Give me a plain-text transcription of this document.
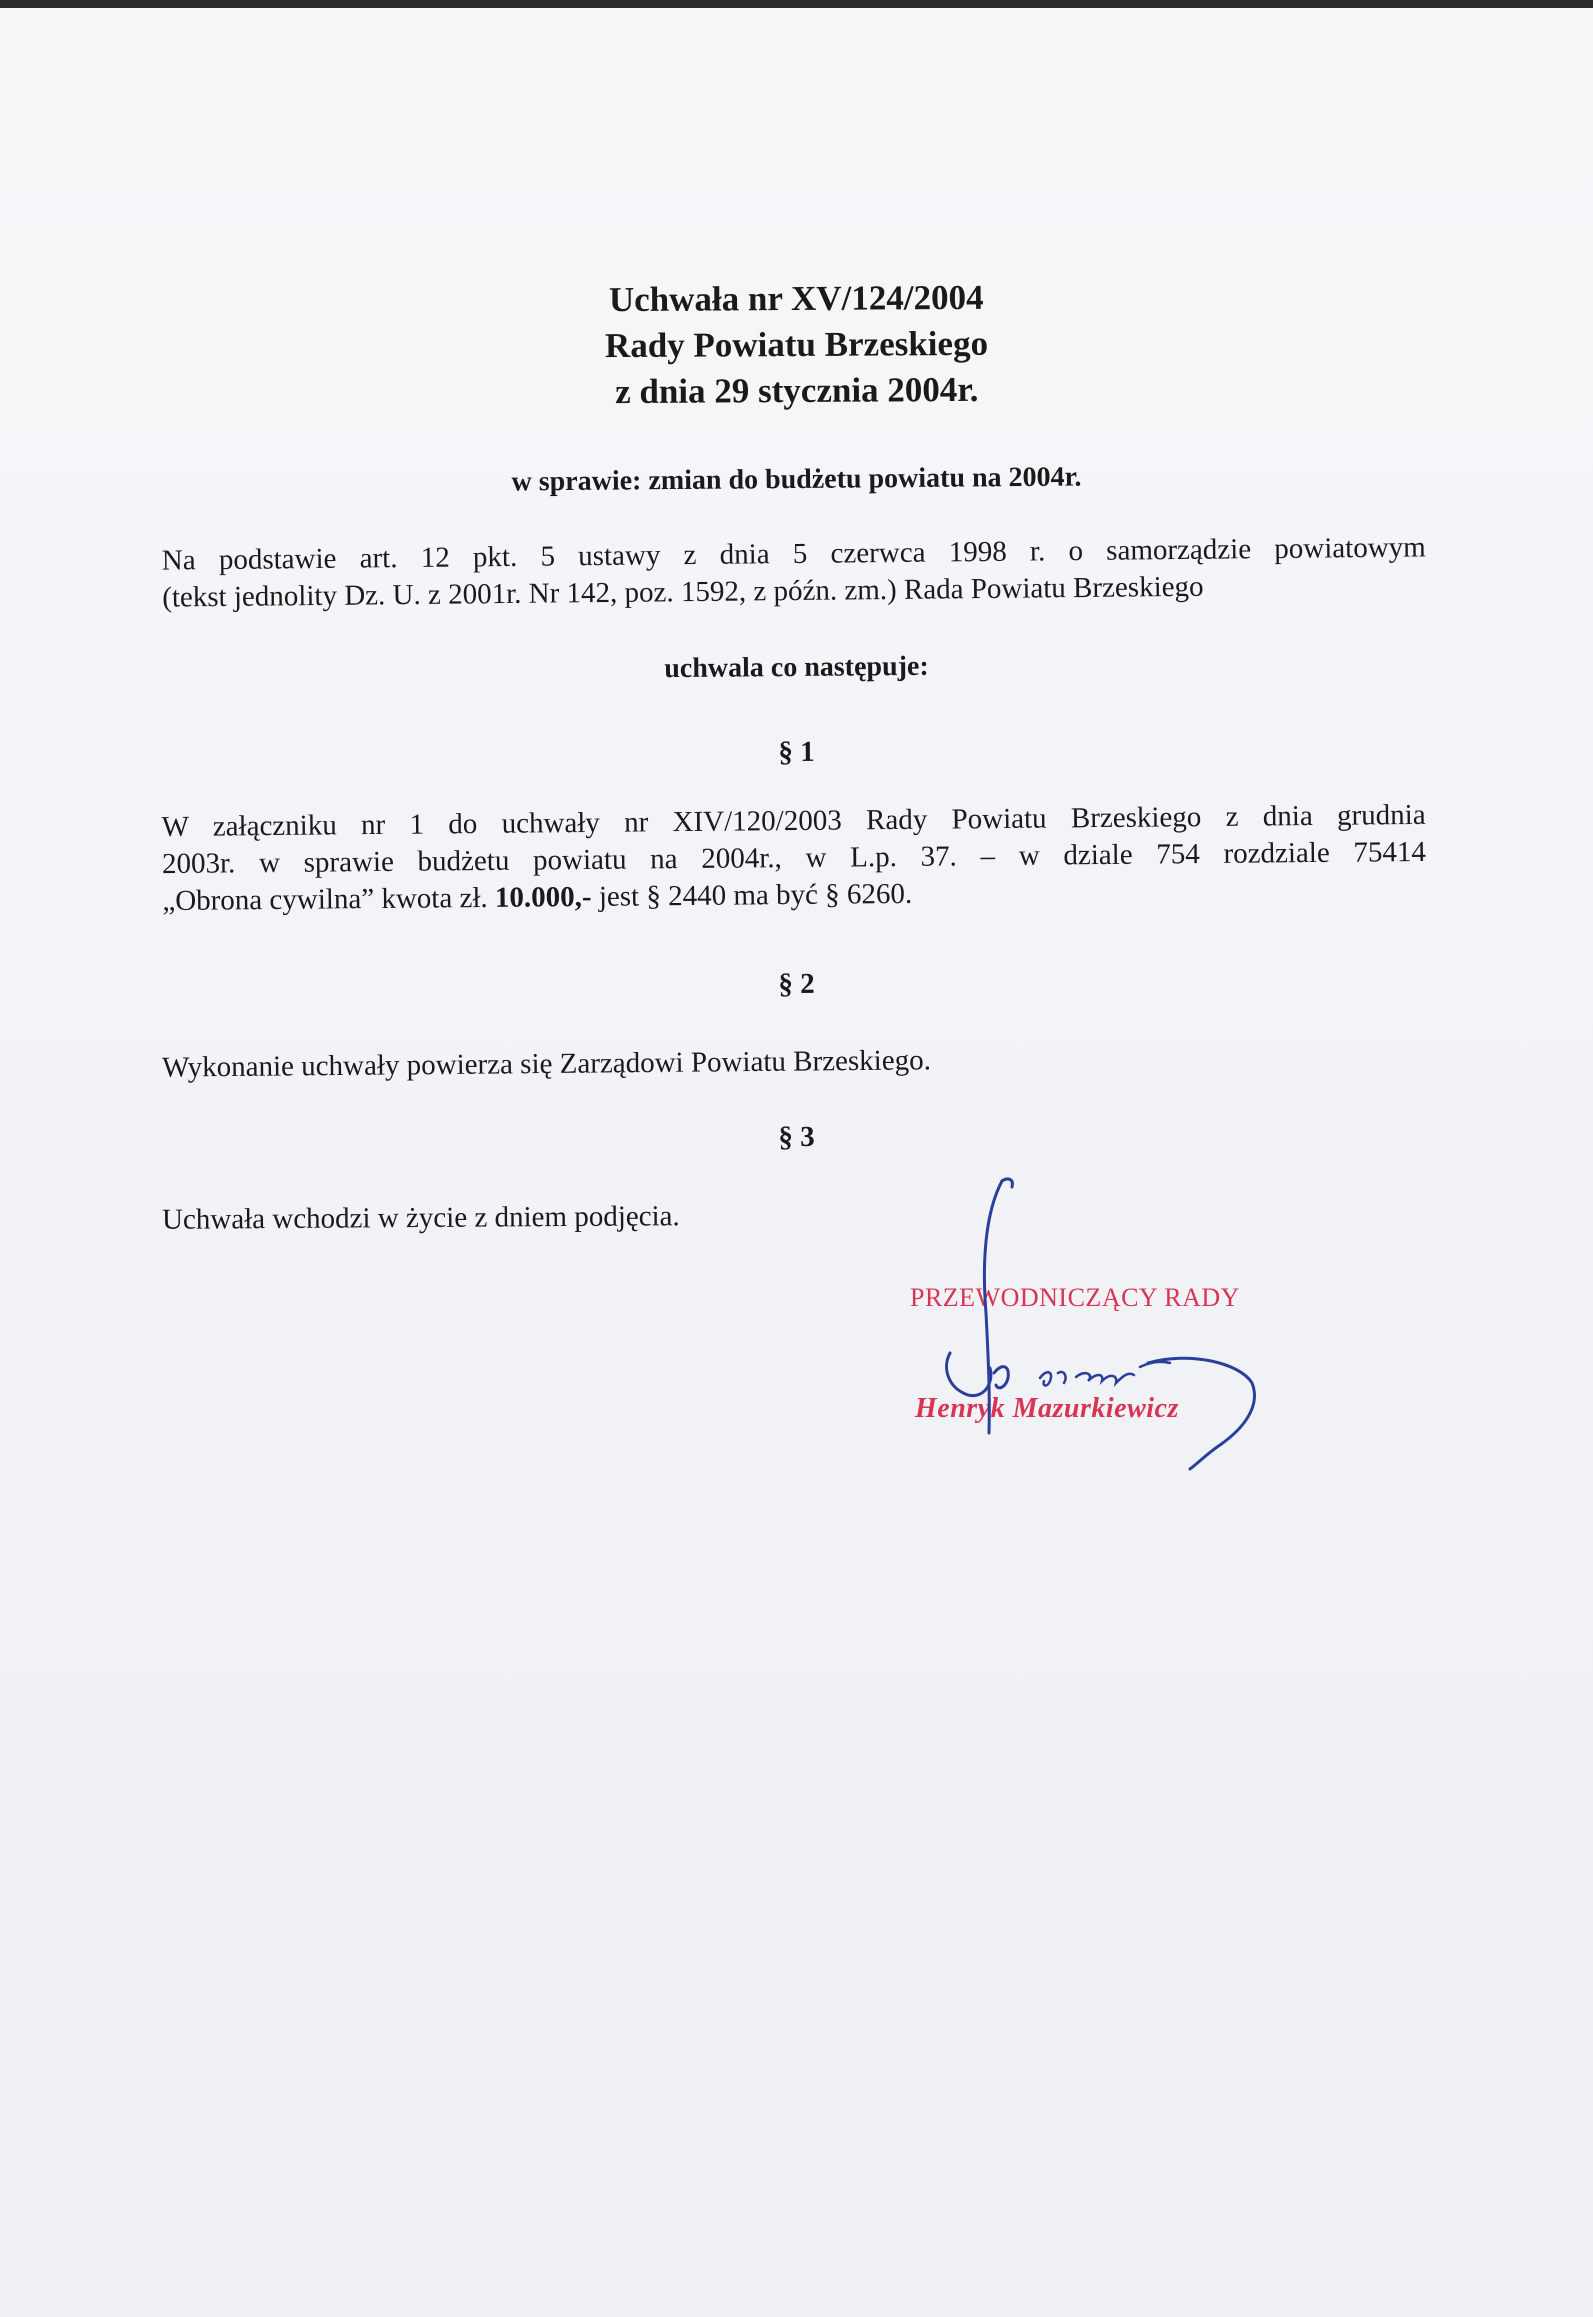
Uchwała nr XV/124/2004
Rady Powiatu Brzeskiego
z dnia 29 stycznia 2004r.
w sprawie: zmian do budżetu powiatu na 2004r.
Na podstawie art. 12 pkt. 5 ustawy z dnia 5 czerwca 1998 r. o samorządzie powiatowym
(tekst jednolity Dz. U. z 2001r. Nr 142, poz. 1592, z późn. zm.) Rada Powiatu Brzeskiego
uchwala co następuje:
§ 1
W załączniku nr 1 do uchwały nr XIV/120/2003 Rady Powiatu Brzeskiego z dnia grudnia
2003r. w sprawie budżetu powiatu na 2004r., w L.p. 37. – w dziale 754 rozdziale 75414
„Obrona cywilna” kwota zł. 10.000,- jest § 2440 ma być § 6260.
§ 2
Wykonanie uchwały powierza się Zarządowi Powiatu Brzeskiego.
§ 3
Uchwała wchodzi w życie z dniem podjęcia.
PRZEWODNICZĄCY RADY
Henryk Mazurkiewicz
